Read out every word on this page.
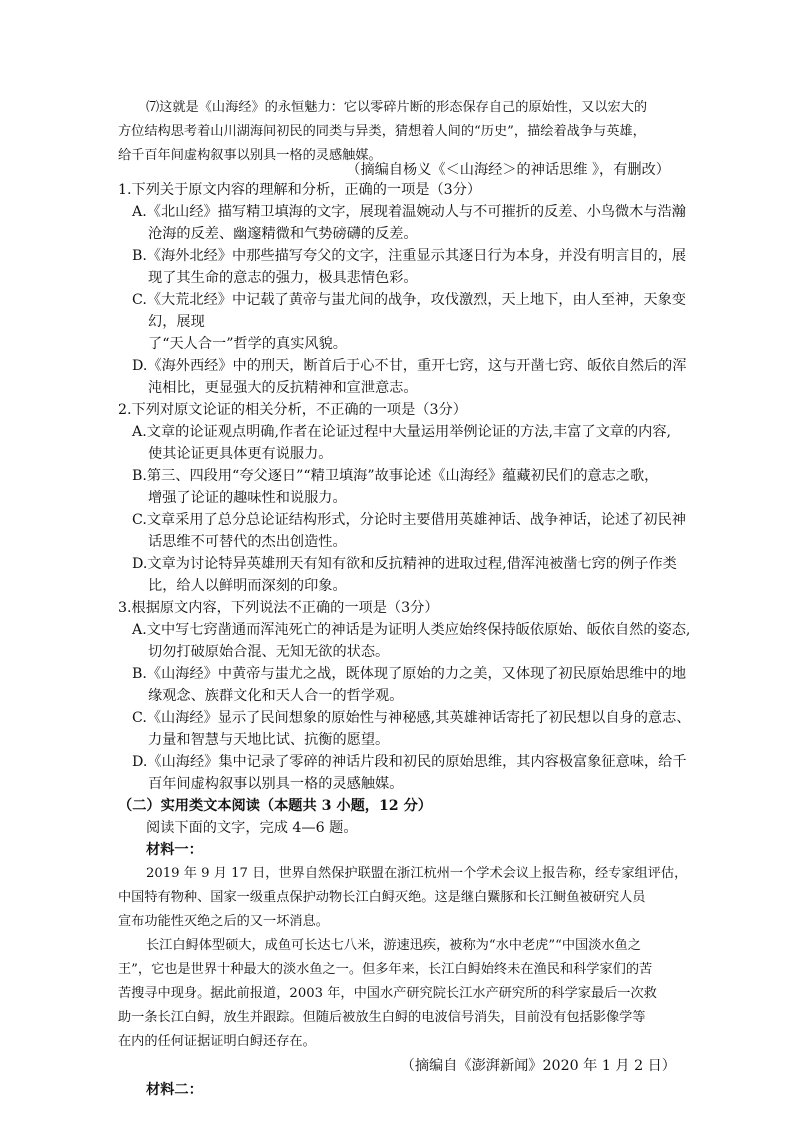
⑺这就是《山海经》的永恒魅力：它以零碎片断的形态保存自己的原始性，又以宏大的

方位结构思考着山川湖海间初民的同类与异类，猜想着人间的“历史”，描绘着战争与英雄，

给千百年间虚构叙事以别具一格的灵感触媒。

（摘编自杨义《＜山海经＞的神话思维 》，有删改）

1.下列关于原文内容的理解和分析，正确的一项是（3分）

A.《北山经》描写精卫填海的文字，展现着温婉动人与不可摧折的反差、小鸟微木与浩瀚

沧海的反差、幽邃精微和气势磅礴的反差。

B.《海外北经》中那些描写夸父的文字，注重显示其逐日行为本身，并没有明言目的，展

现了其生命的意志的强力，极具悲情色彩。

C.《大荒北经》中记载了黄帝与蚩尤间的战争，攻伐激烈，天上地下，由人至神，天象变

幻，展现

了“天人合一”哲学的真实风貌。

D.《海外西经》中的刑天，断首后于心不甘，重开七窍，这与开凿七窍、皈依自然后的浑

沌相比，更显强大的反抗精神和宣泄意志。

2.下列对原文论证的相关分析，不正确的一项是（3分）

A.文章的论证观点明确,作者在论证过程中大量运用举例论证的方法,丰富了文章的内容,

使其论证更具体更有说服力。

B.第三、四段用“夸父逐日”“精卫填海”故事论述《山海经》蕴藏初民们的意志之歌，

增强了论证的趣味性和说服力。

C.文章采用了总分总论证结构形式，分论时主要借用英雄神话、战争神话，论述了初民神

话思维不可替代的杰出创造性。

D.文章为讨论特异英雄刑天有知有欲和反抗精神的进取过程,借浑沌被凿七窍的例子作类

比，给人以鲜明而深刻的印象。

3.根据原文内容，下列说法不正确的一项是（3分）

A.文中写七窍凿通而浑沌死亡的神话是为证明人类应始终保持皈依原始、皈依自然的姿态,

切勿打破原始合混、无知无欲的状态。

B.《山海经》中黄帝与蚩尤之战，既体现了原始的力之美，又体现了初民原始思维中的地

缘观念、族群文化和天人合一的哲学观。

C.《山海经》显示了民间想象的原始性与神秘感,其英雄神话寄托了初民想以自身的意志、

力量和智慧与天地比试、抗衡的愿望。

D.《山海经》集中记录了零碎的神话片段和初民的原始思维，其内容极富象征意味，给千

百年间虚构叙事以别具一格的灵感触媒。

（二）实用类文本阅读（本题共 3 小题，12 分）

阅读下面的文字，完成 4—6 题。

材料一：

2019 年 9 月 17 日，世界自然保护联盟在浙江杭州一个学术会议上报告称，经专家组评估，

中国特有物种、国家一级重点保护动物长江白鲟灭绝。这是继白鱀豚和长江鲥鱼被研究人员

宣布功能性灭绝之后的又一坏消息。

长江白鲟体型硕大，成鱼可长达七八米，游速迅疾，被称为“水中老虎”“中国淡水鱼之

王”，它也是世界十种最大的淡水鱼之一。但多年来，长江白鲟始终未在渔民和科学家们的苦

苦搜寻中现身。据此前报道，2003 年，中国水产研究院长江水产研究所的科学家最后一次救

助一条长江白鲟，放生并跟踪。但随后被放生白鲟的电波信号消失，目前没有包括影像学等

在内的任何证据证明白鲟还存在。

（摘编自《澎湃新闻》2020 年 1 月 2 日）

材料二：
